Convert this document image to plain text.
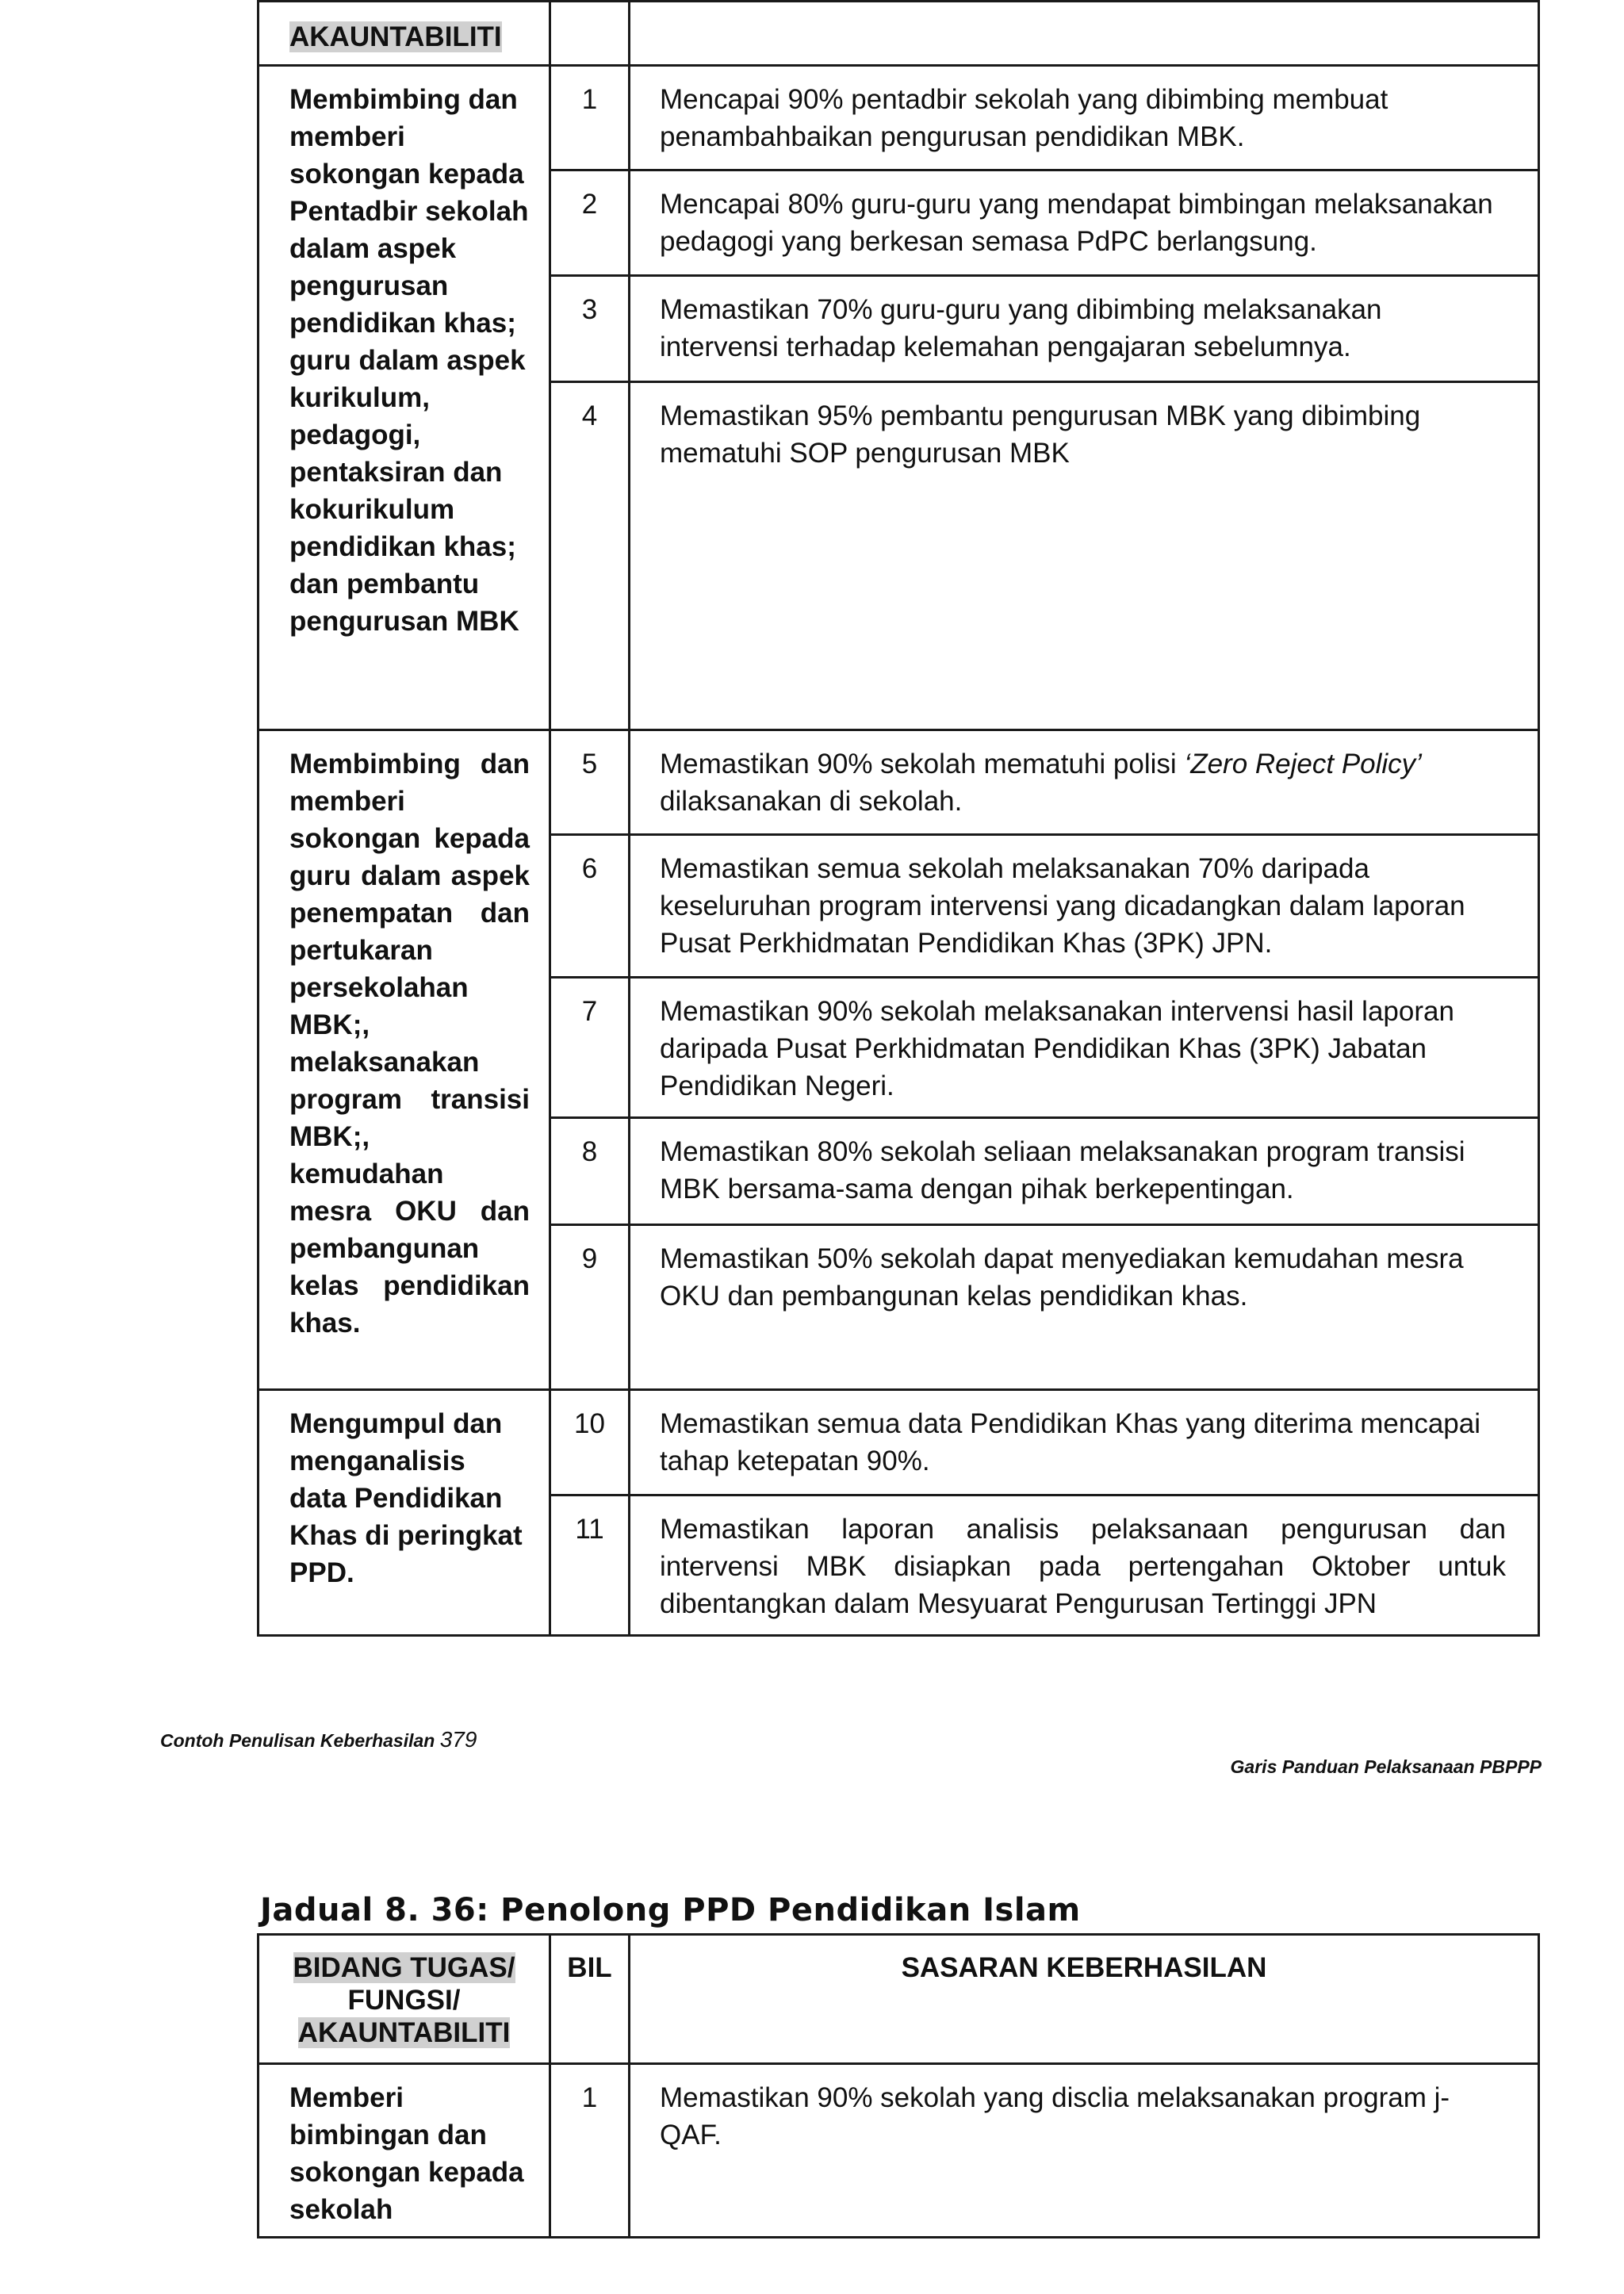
AKAUNTABILITI		
Membimbing dan memberi sokongan kepada Pentadbir sekolah dalam aspek pengurusan pendidikan khas; guru dalam aspek kurikulum, pedagogi, pentaksiran dan kokurikulum pendidikan khas; dan pembantu pengurusan MBK	1	Mencapai 90% pentadbir sekolah yang dibimbing membuat penambahbaikan pengurusan pendidikan MBK.
	2	Mencapai 80% guru-guru yang mendapat bimbingan melaksanakan pedagogi yang berkesan semasa PdPC berlangsung.
	3	Memastikan 70% guru-guru yang dibimbing melaksanakan intervensi terhadap kelemahan pengajaran sebelumnya.
	4	Memastikan 95% pembantu pengurusan MBK yang dibimbing mematuhi SOP pengurusan MBK
Membimbing dan memberi sokongan kepada guru dalam aspek penempatan dan pertukaran persekolahan MBK;, melaksanakan program transisi MBK;, kemudahan mesra OKU dan pembangunan kelas pendidikan khas.	5	Memastikan 90% sekolah mematuhi polisi ‘Zero Reject Policy’ dilaksanakan di sekolah.
	6	Memastikan semua sekolah melaksanakan 70% daripada keseluruhan program intervensi yang dicadangkan dalam laporan Pusat Perkhidmatan Pendidikan Khas (3PK) JPN.
	7	Memastikan 90% sekolah melaksanakan intervensi hasil laporan daripada Pusat Perkhidmatan Pendidikan Khas (3PK) Jabatan Pendidikan Negeri.
	8	Memastikan 80% sekolah seliaan melaksanakan program transisi MBK bersama-sama dengan pihak berkepentingan.
	9	Memastikan 50% sekolah dapat menyediakan kemudahan mesra OKU dan pembangunan kelas pendidikan khas.
Mengumpul dan menganalisis data Pendidikan Khas di peringkat PPD.	10	Memastikan semua data Pendidikan Khas yang diterima mencapai tahap ketepatan 90%.
	11	Memastikan laporan analisis pelaksanaan pengurusan dan intervensi MBK disiapkan pada pertengahan Oktober untuk dibentangkan dalam Mesyuarat Pengurusan Tertinggi JPN
Contoh Penulisan Keberhasilan 379
Garis Panduan Pelaksanaan PBPPP
Jadual 8. 36: Penolong PPD Pendidikan Islam
BIDANG TUGAS/
FUNGSI/
AKAUNTABILITI	BIL	SASARAN KEBERHASILAN
Memberi bimbingan dan sokongan kepada sekolah	1	Memastikan 90% sekolah yang disclia melaksanakan program j-QAF.
